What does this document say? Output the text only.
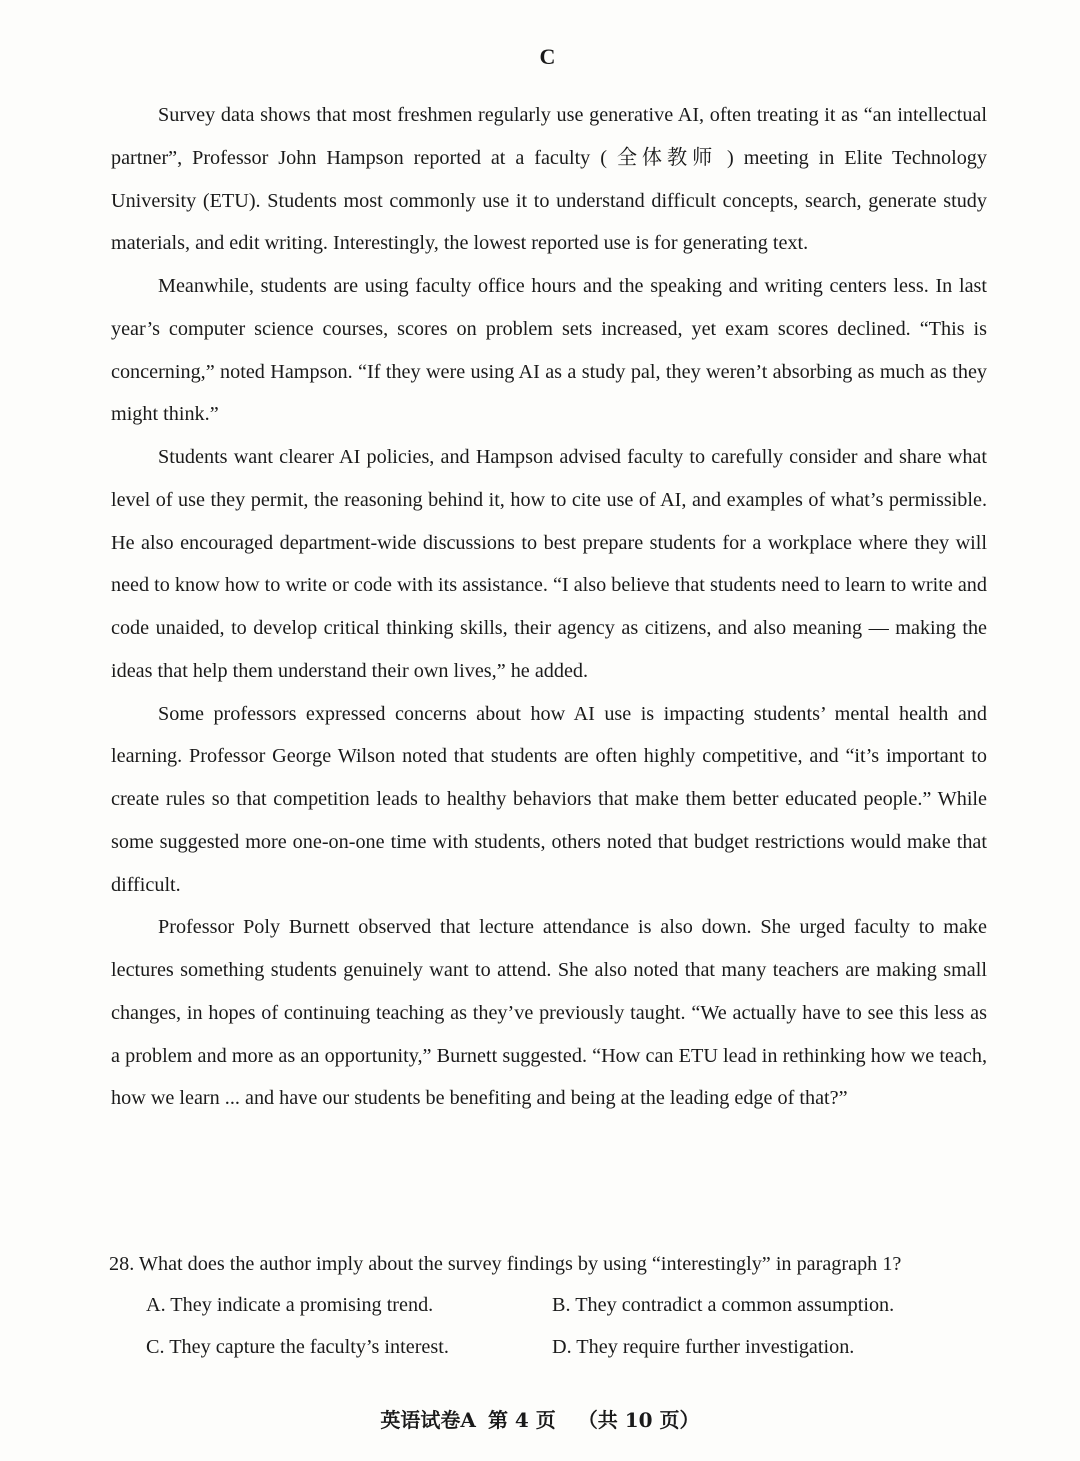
C

Survey data shows that most freshmen regularly use generative AI, often treating it as “an intellectual partner”, Professor John Hampson reported at a faculty ( 全体教师 ) meeting in Elite Technology University (ETU). Students most commonly use it to understand difficult concepts, search, generate study materials, and edit writing. Interestingly, the lowest reported use is for generating text.

Meanwhile, students are using faculty office hours and the speaking and writing centers less. In last year’s computer science courses, scores on problem sets increased, yet exam scores declined. “This is concerning,” noted Hampson. “If they were using AI as a study pal, they weren’t absorbing as much as they might think.”

Students want clearer AI policies, and Hampson advised faculty to carefully consider and share what level of use they permit, the reasoning behind it, how to cite use of AI, and examples of what’s permissible. He also encouraged department-wide discussions to best prepare students for a workplace where they will need to know how to write or code with its assistance. “I also believe that students need to learn to write and code unaided, to develop critical thinking skills, their agency as citizens, and also meaning — making the ideas that help them understand their own lives,” he added.

Some professors expressed concerns about how AI use is impacting students’ mental health and learning. Professor George Wilson noted that students are often highly competitive, and “it’s important to create rules so that competition leads to healthy behaviors that make them better educated people.” While some suggested more one-on-one time with students, others noted that budget restrictions would make that difficult.

Professor Poly Burnett observed that lecture attendance is also down. She urged faculty to make lectures something students genuinely want to attend. She also noted that many teachers are making small changes, in hopes of continuing teaching as they’ve previously taught. “We actually have to see this less as a problem and more as an opportunity,” Burnett suggested. “How can ETU lead in rethinking how we teach, how we learn ... and have our students be benefiting and being at the leading edge of that?”

28. What does the author imply about the survey findings by using “interestingly” in paragraph 1?

A. They indicate a promising trend.	B. They contradict a common assumption.
C. They capture the faculty’s interest.	D. They require further investigation.
英语试卷A 第 4 页 （共 10 页）
